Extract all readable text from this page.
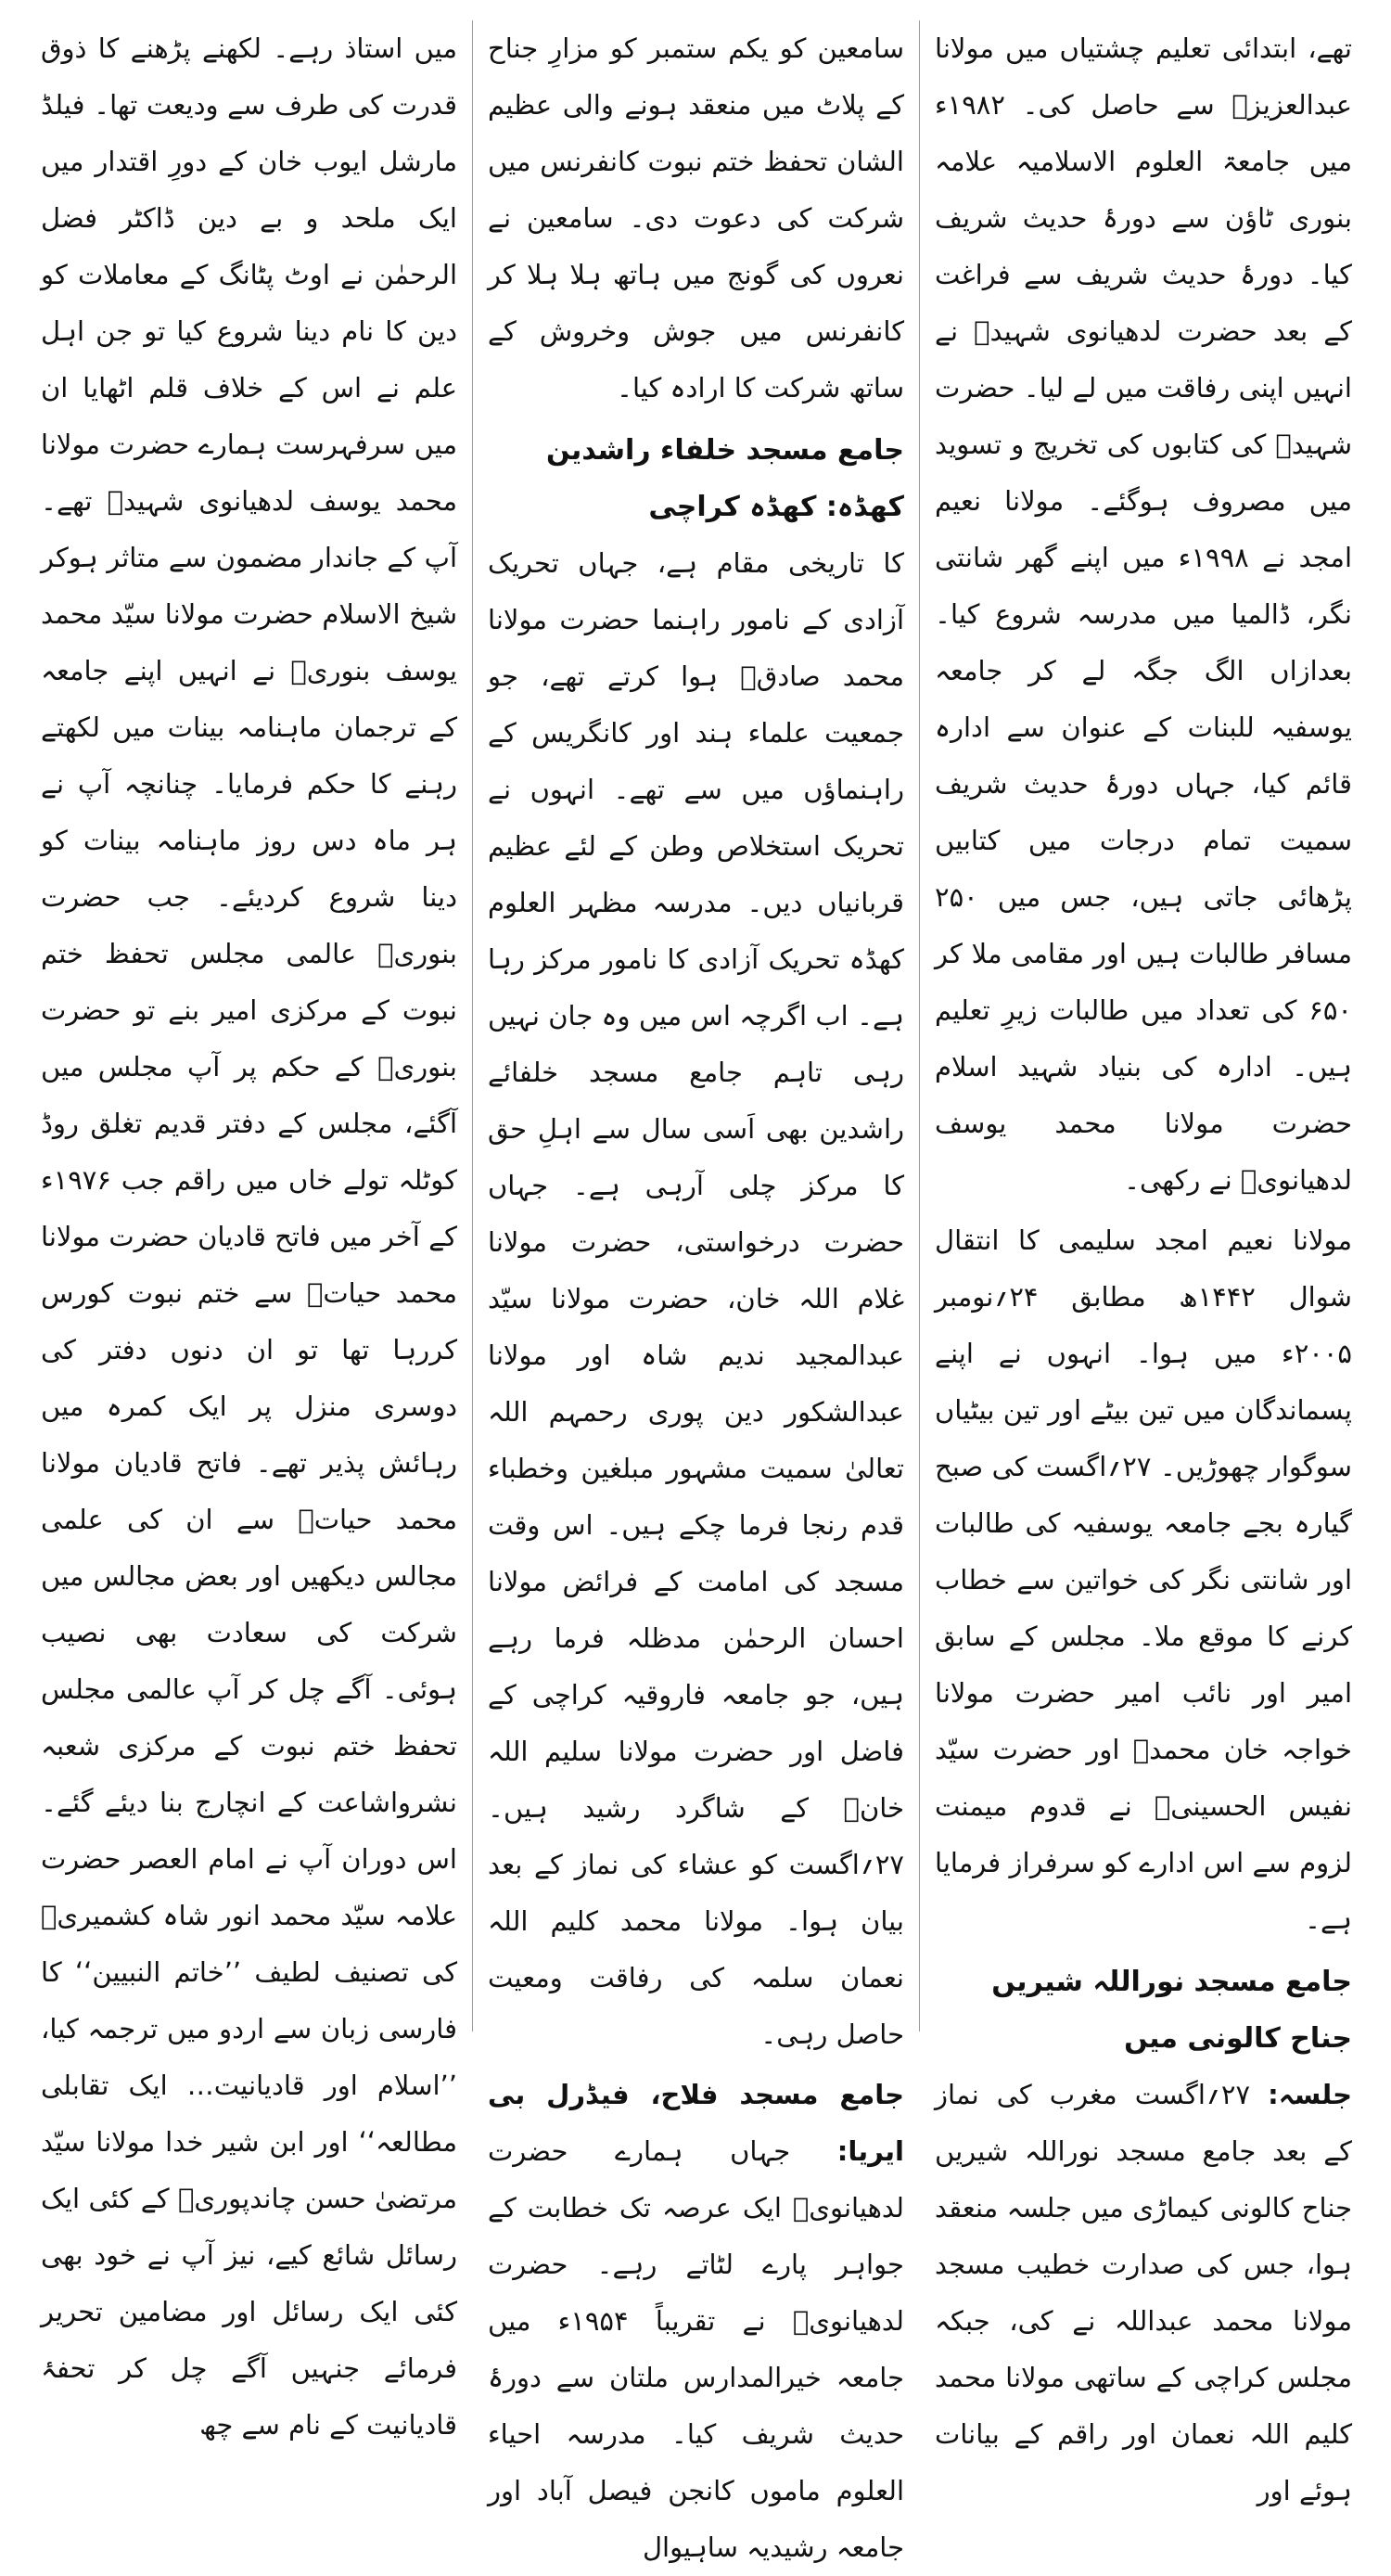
تھے، ابتدائی تعلیم چشتیاں میں مولانا عبدالعزیزؒ سے حاصل کی۔ ۱۹۸۲ء میں جامعۃ العلوم الاسلامیہ علامہ بنوری ٹاؤن سے دورۂ حدیث شریف کیا۔ دورۂ حدیث شریف سے فراغت کے بعد حضرت لدھیانوی شہیدؒ نے انہیں اپنی رفاقت میں لے لیا۔ حضرت شہیدؒ کی کتابوں کی تخریج و تسوید میں مصروف ہوگئے۔ مولانا نعیم امجد نے ۱۹۹۸ء میں اپنے گھر شانتی نگر، ڈالمیا میں مدرسہ شروع کیا۔ بعدازاں الگ جگہ لے کر جامعہ یوسفیہ للبنات کے عنوان سے ادارہ قائم کیا، جہاں دورۂ حدیث شریف سمیت تمام درجات میں کتابیں پڑھائی جاتی ہیں، جس میں ۲۵۰ مسافر طالبات ہیں اور مقامی ملا کر ۶۵۰ کی تعداد میں طالبات زیرِ تعلیم ہیں۔ ادارہ کی بنیاد شہید اسلام حضرت مولانا محمد یوسف لدھیانویؒ نے رکھی۔

مولانا نعیم امجد سلیمی کا انتقال شوال ۱۴۴۲ھ مطابق ۲۴؍نومبر ۲۰۰۵ء میں ہوا۔ انہوں نے اپنے پسماندگان میں تین بیٹے اور تین بیٹیاں سوگوار چھوڑیں۔ ۲۷؍اگست کی صبح گیارہ بجے جامعہ یوسفیہ کی طالبات اور شانتی نگر کی خواتین سے خطاب کرنے کا موقع ملا۔ مجلس کے سابق امیر اور نائب امیر حضرت مولانا خواجہ خان محمدؒ اور حضرت سیّد نفیس الحسینیؒ نے قدوم میمنت لزوم سے اس ادارے کو سرفراز فرمایا ہے۔

جامع مسجد نوراللہ شیریں جناح کالونی میں

جلسہ: ۲۷؍اگست مغرب کی نماز کے بعد جامع مسجد نوراللہ شیریں جناح کالونی کیماڑی میں جلسہ منعقد ہوا، جس کی صدارت خطیب مسجد مولانا محمد عبداللہ نے کی، جبکہ مجلس کراچی کے ساتھی مولانا محمد کلیم اللہ نعمان اور راقم کے بیانات ہوئے اور

سامعین کو یکم ستمبر کو مزارِ جناح کے پلاٹ میں منعقد ہونے والی عظیم الشان تحفظ ختم نبوت کانفرنس میں شرکت کی دعوت دی۔ سامعین نے نعروں کی گونج میں ہاتھ ہلا ہلا کر کانفرنس میں جوش وخروش کے ساتھ شرکت کا ارادہ کیا۔

جامع مسجد خلفاء راشدین کھڈہ: کھڈہ کراچی

کا تاریخی مقام ہے، جہاں تحریک آزادی کے نامور راہنما حضرت مولانا محمد صادقؒ ہوا کرتے تھے، جو جمعیت علماء ہند اور کانگریس کے راہنماؤں میں سے تھے۔ انہوں نے تحریک استخلاص وطن کے لئے عظیم قربانیاں دیں۔ مدرسہ مظہر العلوم کھڈہ تحریک آزادی کا نامور مرکز رہا ہے۔ اب اگرچہ اس میں وہ جان نہیں رہی تاہم جامع مسجد خلفائے راشدین بھی اَسی سال سے اہلِ حق کا مرکز چلی آرہی ہے۔ جہاں حضرت درخواستی، حضرت مولانا غلام اللہ خان، حضرت مولانا سیّد عبدالمجید ندیم شاہ اور مولانا عبدالشکور دین پوری رحمہم اللہ تعالیٰ سمیت مشہور مبلغین وخطباء قدم رنجا فرما چکے ہیں۔ اس وقت مسجد کی امامت کے فرائض مولانا احسان الرحمٰن مدظلہ فرما رہے ہیں، جو جامعہ فاروقیہ کراچی کے فاضل اور حضرت مولانا سلیم اللہ خانؒ کے شاگرد رشید ہیں۔ ۲۷؍اگست کو عشاء کی نماز کے بعد بیان ہوا۔ مولانا محمد کلیم اللہ نعمان سلمہ کی رفاقت ومعیت حاصل رہی۔

جامع مسجد فلاح، فیڈرل بی ایریا: جہاں ہمارے حضرت لدھیانویؒ ایک عرصہ تک خطابت کے جواہر پارے لٹاتے رہے۔ حضرت لدھیانویؒ نے تقریباً ۱۹۵۴ء میں جامعہ خیرالمدارس ملتان سے دورۂ حدیث شریف کیا۔ مدرسہ احیاء العلوم ماموں کانجن فیصل آباد اور جامعہ رشیدیہ ساہیوال

میں استاذ رہے۔ لکھنے پڑھنے کا ذوق قدرت کی طرف سے ودیعت تھا۔ فیلڈ مارشل ایوب خان کے دورِ اقتدار میں ایک ملحد و بے دین ڈاکٹر فضل الرحمٰن نے اوٹ پٹانگ کے معاملات کو دین کا نام دینا شروع کیا تو جن اہل علم نے اس کے خلاف قلم اٹھایا ان میں سرفہرست ہمارے حضرت مولانا محمد یوسف لدھیانوی شہیدؒ تھے۔ آپ کے جاندار مضمون سے متاثر ہوکر شیخ الاسلام حضرت مولانا سیّد محمد یوسف بنوریؒ نے انہیں اپنے جامعہ کے ترجمان ماہنامہ بینات میں لکھتے رہنے کا حکم فرمایا۔ چنانچہ آپ نے ہر ماہ دس روز ماہنامہ بینات کو دینا شروع کردیئے۔ جب حضرت بنوریؒ عالمی مجلس تحفظ ختم نبوت کے مرکزی امیر بنے تو حضرت بنوریؒ کے حکم پر آپ مجلس میں آگئے، مجلس کے دفتر قدیم تغلق روڈ کوٹلہ تولے خاں میں راقم جب ۱۹۷۶ء کے آخر میں فاتح قادیان حضرت مولانا محمد حیاتؒ سے ختم نبوت کورس کررہا تھا تو ان دنوں دفتر کی دوسری منزل پر ایک کمرہ میں رہائش پذیر تھے۔ فاتح قادیان مولانا محمد حیاتؒ سے ان کی علمی مجالس دیکھیں اور بعض مجالس میں شرکت کی سعادت بھی نصیب ہوئی۔ آگے چل کر آپ عالمی مجلس تحفظ ختم نبوت کے مرکزی شعبہ نشرواشاعت کے انچارج بنا دیئے گئے۔ اس دوران آپ نے امام العصر حضرت علامہ سیّد محمد انور شاہ کشمیریؒ کی تصنیف لطیف ’’خاتم النبیین‘‘ کا فارسی زبان سے اردو میں ترجمہ کیا، ’’اسلام اور قادیانیت… ایک تقابلی مطالعہ‘‘ اور ابن شیر خدا مولانا سیّد مرتضیٰ حسن چاندپوریؒ کے کئی ایک رسائل شائع کیے، نیز آپ نے خود بھی کئی ایک رسائل اور مضامین تحریر فرمائے جنہیں آگے چل کر تحفۂ قادیانیت کے نام سے چھ
